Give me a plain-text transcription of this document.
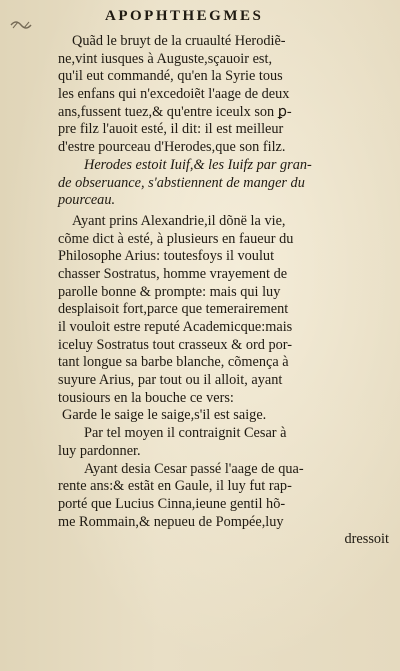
APOPHTHEGMES
Quãd le bruyt de la cruaulté Herodiẽ-
ne,vint iusques à Auguste,sçauoir est,
qu'il eut commandé, qu'en la Syrie tous
les enfans qui n'excedoiẽt l'aage de deux
ans,fussent tuez,& qu'entre iceulx son ꝑ-
pre filz l'auoit esté, il dit: il est meilleur
d'estre pourceau d'Herodes,que son filz.
Herodes estoit Iuif,& les Iuifz par gran-
de obseruance, s'abstiennent de manger du
pourceau.
Ayant prins Alexandrie,il dõnë la vie,
cõme dict à esté, à plusieurs en faueur du
Philosophe Arius: toutesfoys il voulut
chasser Sostratus, homme vrayement de
parolle bonne & prompte: mais qui luy
desplaisoit fort,parce que temerairement
il vouloit estre reputé Academicque:mais
iceluy Sostratus tout crasseux & ord por-
tant longue sa barbe blanche, cõmença à
suyure Arius, par tout ou il alloit, ayant
tousiours en la bouche ce vers:
Garde le saige le saige,s'il est saige.
Par tel moyen il contraignit Cesar à
luy pardonner.
Ayant desia Cesar passé l'aage de qua-
rente ans:& estãt en Gaule, il luy fut rap-
porté que Lucius Cinna,ieune gentil hõ-
me Rommain,& nepueu de Pompée,luy
dressoit
